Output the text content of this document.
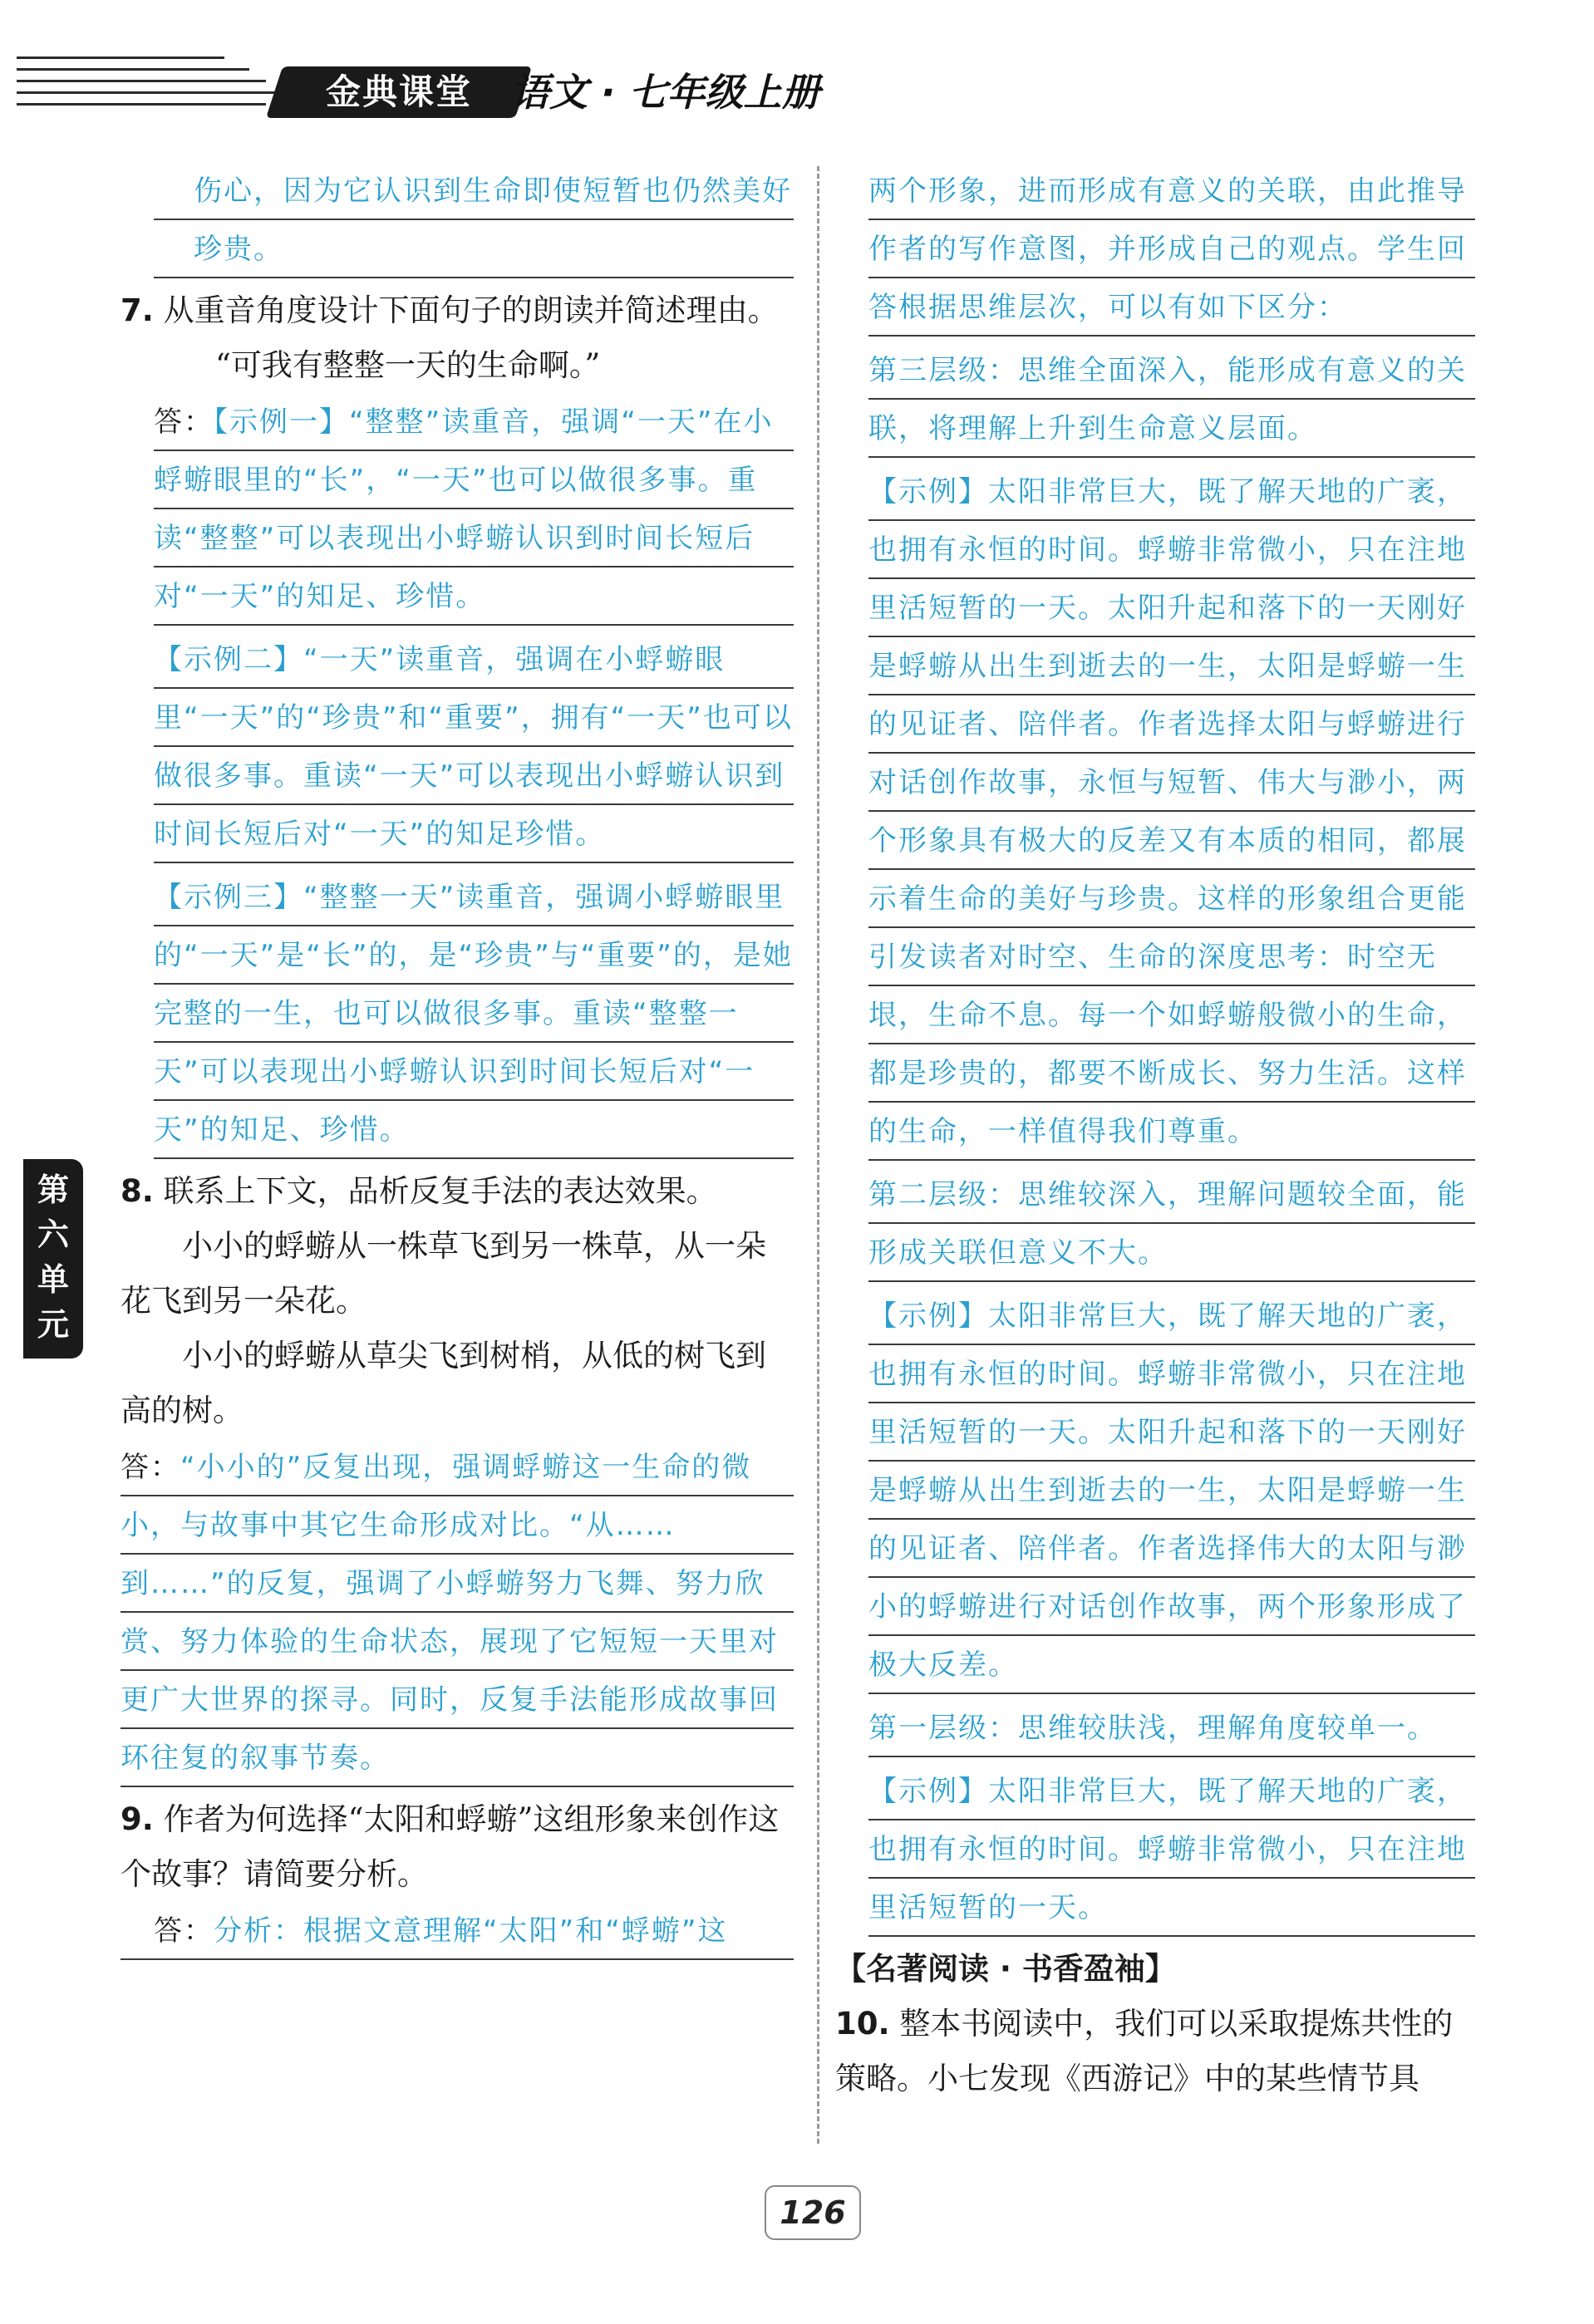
金典课堂	语文 · 七年级上册
第六单元

伤心，因为它认识到生命即使短暂也仍然美好珍贵。

7. 从重音角度设计下面句子的朗读并简述理由。

“可我有整整一天的生命啊。”

答：【示例一】“整整”读重音，强调“一天”在小蜉蝣眼里的“长”，“一天”也可以做很多事。重读“整整”可以表现出小蜉蝣认识到时间长短后对“一天”的知足、珍惜。

【示例二】“一天”读重音，强调在小蜉蝣眼里“一天”的“珍贵”和“重要”，拥有“一天”也可以做很多事。重读“一天”可以表现出小蜉蝣认识到时间长短后对“一天”的知足珍惜。

【示例三】“整整一天”读重音，强调小蜉蝣眼里的“一天”是“长”的，是“珍贵”与“重要”的，是她完整的一生，也可以做很多事。重读“整整一天”可以表现出小蜉蝣认识到时间长短后对“一天”的知足、珍惜。

8. 联系上下文，品析反复手法的表达效果。

小小的蜉蝣从一株草飞到另一株草，从一朵花飞到另一朵花。

小小的蜉蝣从草尖飞到树梢，从低的树飞到高的树。

答：“小小的”反复出现，强调蜉蝣这一生命的微小，与故事中其它生命形成对比。“从……到……”的反复，强调了小蜉蝣努力飞舞、努力欣赏、努力体验的生命状态，展现了它短短一天里对更广大世界的探寻。同时，反复手法能形成故事回环往复的叙事节奏。

9. 作者为何选择“太阳和蜉蝣”这组形象来创作这个故事？请简要分析。

答：分析：根据文意理解“太阳”和“蜉蝣”这

两个形象，进而形成有意义的关联，由此推导作者的写作意图，并形成自己的观点。学生回答根据思维层次，可以有如下区分：

第三层级：思维全面深入，能形成有意义的关联，将理解上升到生命意义层面。

【示例】太阳非常巨大，既了解天地的广袤，也拥有永恒的时间。蜉蝣非常微小，只在注地里活短暂的一天。太阳升起和落下的一天刚好是蜉蝣从出生到逝去的一生，太阳是蜉蝣一生的见证者、陪伴者。作者选择太阳与蜉蝣进行对话创作故事，永恒与短暂、伟大与渺小，两个形象具有极大的反差又有本质的相同，都展示着生命的美好与珍贵。这样的形象组合更能引发读者对时空、生命的深度思考：时空无垠，生命不息。每一个如蜉蝣般微小的生命，都是珍贵的，都要不断成长、努力生活。这样的生命，一样值得我们尊重。

第二层级：思维较深入，理解问题较全面，能形成关联但意义不大。

【示例】太阳非常巨大，既了解天地的广袤，也拥有永恒的时间。蜉蝣非常微小，只在注地里活短暂的一天。太阳升起和落下的一天刚好是蜉蝣从出生到逝去的一生，太阳是蜉蝣一生的见证者、陪伴者。作者选择伟大的太阳与渺小的蜉蝣进行对话创作故事，两个形象形成了极大反差。

第一层级：思维较肤浅，理解角度较单一。

【示例】太阳非常巨大，既了解天地的广袤，也拥有永恒的时间。蜉蝣非常微小，只在注地里活短暂的一天。

【名著阅读 · 书香盈袖】

10. 整本书阅读中，我们可以采取提炼共性的策略。小七发现《西游记》中的某些情节具

126
